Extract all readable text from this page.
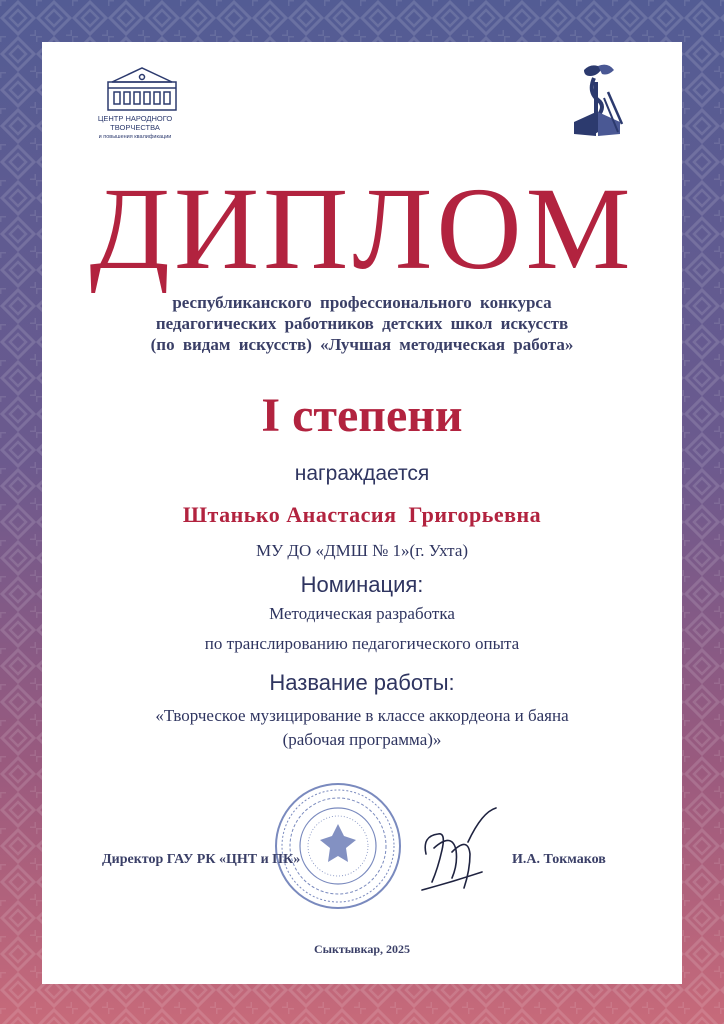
ЦЕНТР НАРОДНОГО
ТВОРЧЕСТВА
и повышения квалификации
ДИПЛОМ
республиканского профессионального конкурса
педагогических работников детских школ искусств
(по видам искусств) «Лучшая методическая работа»
I степени
награждается
Штанько Анастасия  Григорьевна
МУ ДО «ДМШ № 1»(г. Ухта)
Номинация:
Методическая разработка
по транслированию педагогического опыта
Название работы:
«Творческое музицирование в классе аккордеона и баяна
(рабочая программа)»
Директор ГАУ РК «ЦНТ и ПК»	И.А. Токмаков
Сыктывкар, 2025
